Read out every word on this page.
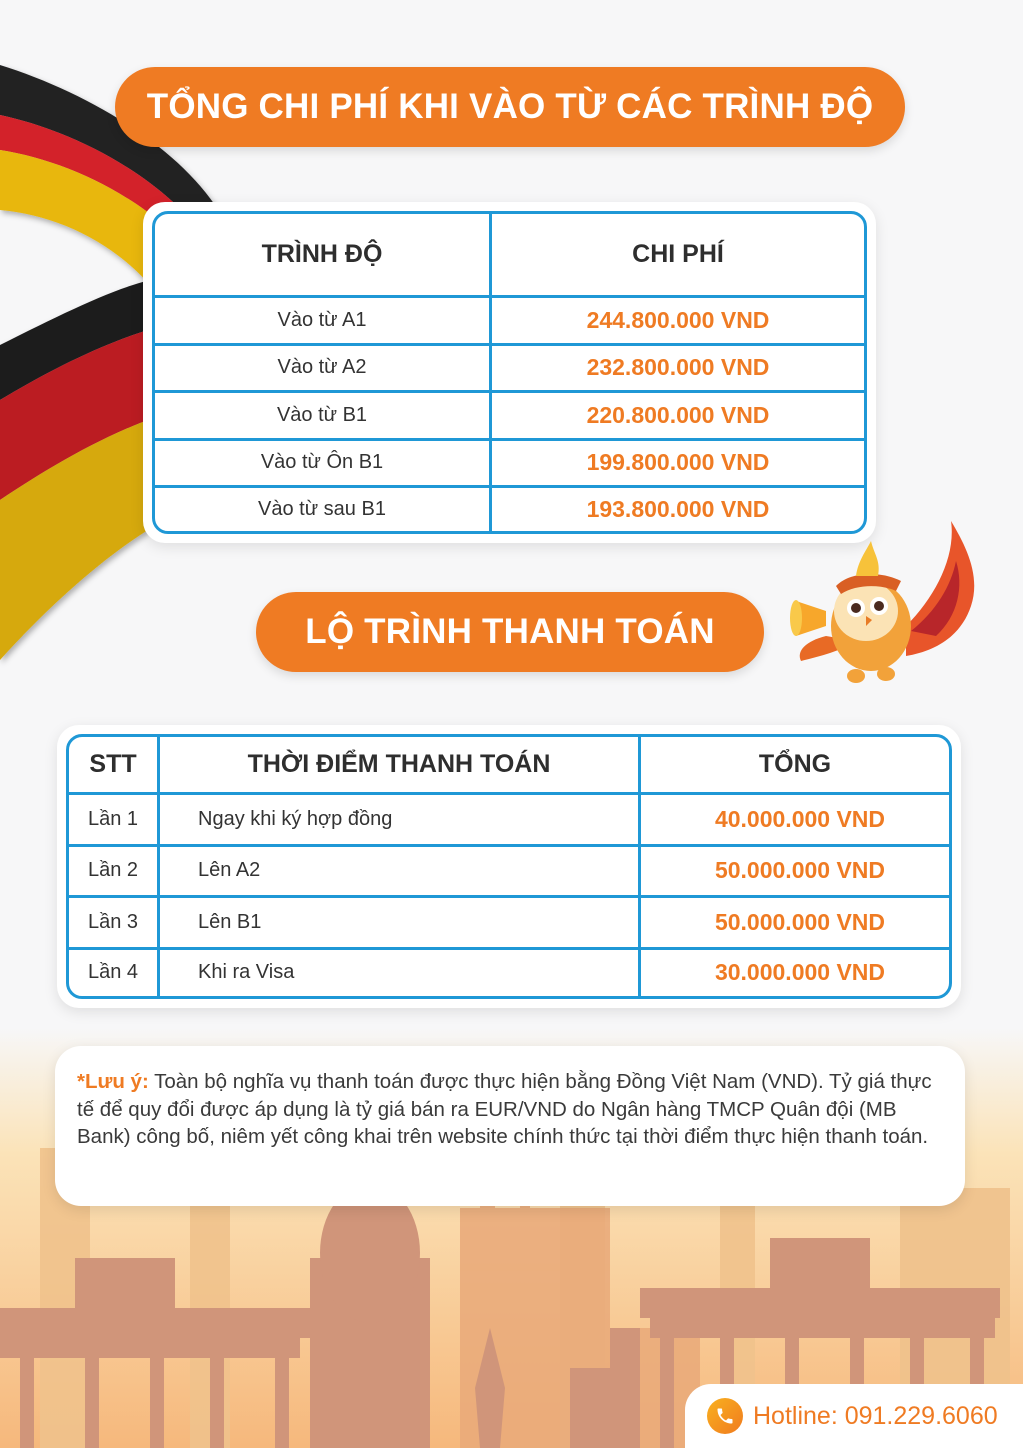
TỔNG CHI PHÍ KHI VÀO TỪ CÁC TRÌNH ĐỘ
TRÌNH ĐỘ	CHI PHÍ
Vào từ A1	244.800.000 VND
Vào từ A2	232.800.000 VND
Vào từ B1	220.800.000 VND
Vào từ Ôn B1	199.800.000 VND
Vào từ sau B1	193.800.000 VND
LỘ TRÌNH THANH TOÁN
STT	THỜI ĐIỂM THANH TOÁN	TỔNG
Lần 1	Ngay khi ký hợp đồng	40.000.000 VND
Lần 2	Lên A2	50.000.000 VND
Lần 3	Lên B1	50.000.000 VND
Lần 4	Khi ra Visa	30.000.000 VND

*Lưu ý: Toàn bộ nghĩa vụ thanh toán được thực hiện bằng Đồng Việt Nam (VND). Tỷ giá thực tế để quy đổi được áp dụng là tỷ giá bán ra EUR/VND do Ngân hàng TMCP Quân đội (MB Bank) công bố, niêm yết công khai trên website chính thức tại thời điểm thực hiện thanh toán.

Hotline: 091.229.6060
